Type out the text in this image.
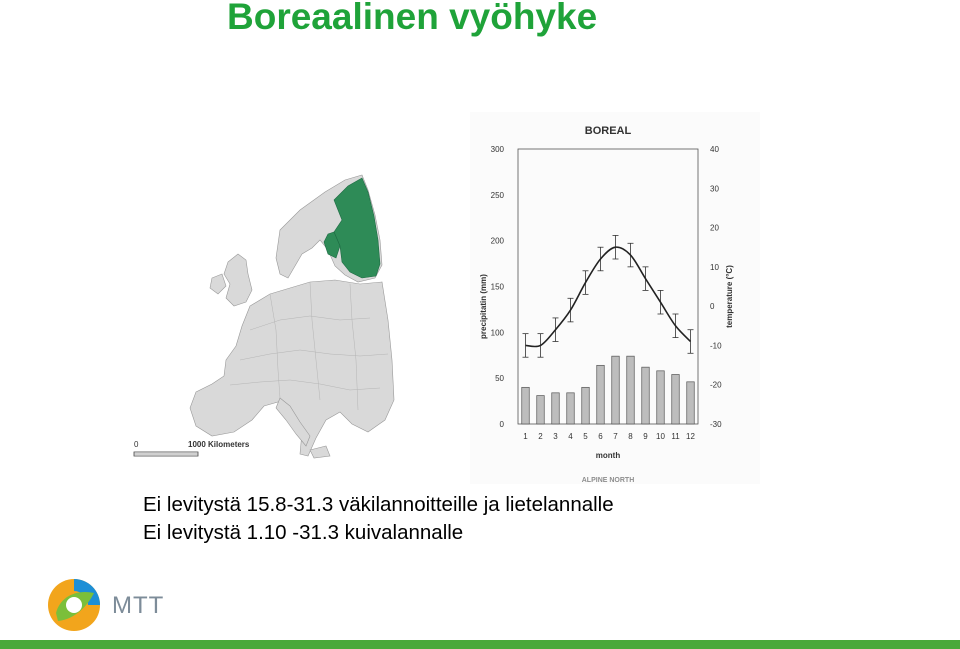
Boreaalinen vyöhyke
0	1000 Kilometers
BOREAL
0
50
100
150
200
250
300
-30
-20
-10
0
10
20
30
40
1 2 3 4 5 6 7 8 9 10 11 12
month
precipitatin (mm)	temperature (°C)
ALPINE NORTH

Ei levitystä 15.8-31.3 väkilannoitteille ja lietelannalle

Ei levitystä 1.10 -31.3 kuivalannalle

MTT
